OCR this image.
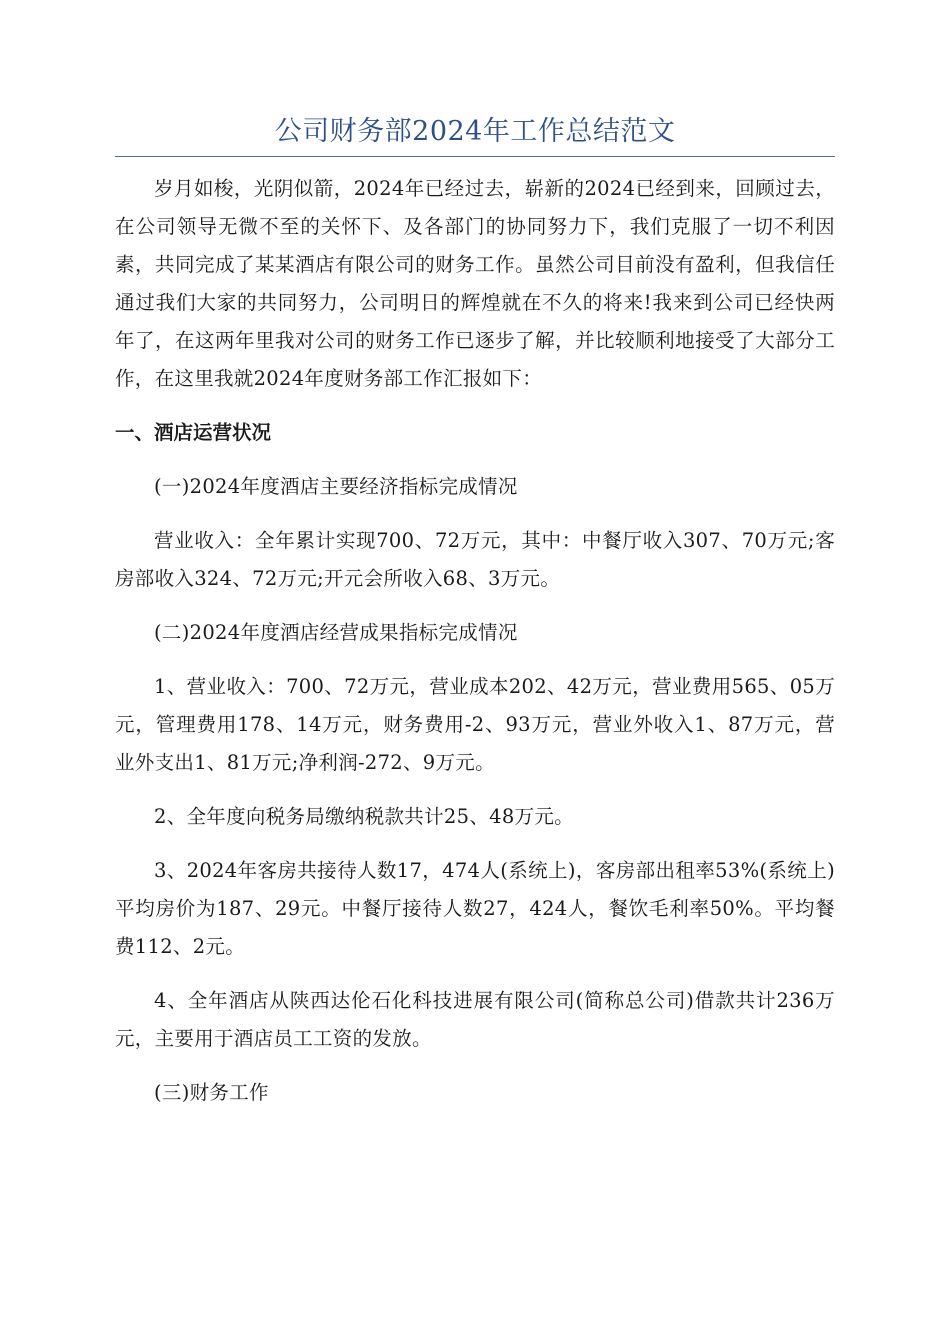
公司财务部2024年工作总结范文

岁月如梭，光阴似箭，2024年已经过去，崭新的2024已经到来，回顾过去，在公司领导无微不至的关怀下、及各部门的协同努力下，我们克服了一切不利因素，共同完成了某某酒店有限公司的财务工作。虽然公司目前没有盈利，但我信任通过我们大家的共同努力，公司明日的辉煌就在不久的将来!我来到公司已经快两年了，在这两年里我对公司的财务工作已逐步了解，并比较顺利地接受了大部分工作，在这里我就2024年度财务部工作汇报如下：

一、酒店运营状况

(一)2024年度酒店主要经济指标完成情况

营业收入：全年累计实现700、72万元，其中：中餐厅收入307、70万元;客房部收入324、72万元;开元会所收入68、3万元。

(二)2024年度酒店经营成果指标完成情况

1、营业收入：700、72万元，营业成本202、42万元，营业费用565、05万元，管理费用178、14万元，财务费用-2、93万元，营业外收入1、87万元，营业外支出1、81万元;净利润-272、9万元。

2、全年度向税务局缴纳税款共计25、48万元。

3、2024年客房共接待人数17，474人(系统上)，客房部出租率53%(系统上)平均房价为187、29元。中餐厅接待人数27，424人，餐饮毛利率50%。平均餐费112、2元。

4、全年酒店从陕西达伦石化科技进展有限公司(简称总公司)借款共计236万元，主要用于酒店员工工资的发放。

(三)财务工作
